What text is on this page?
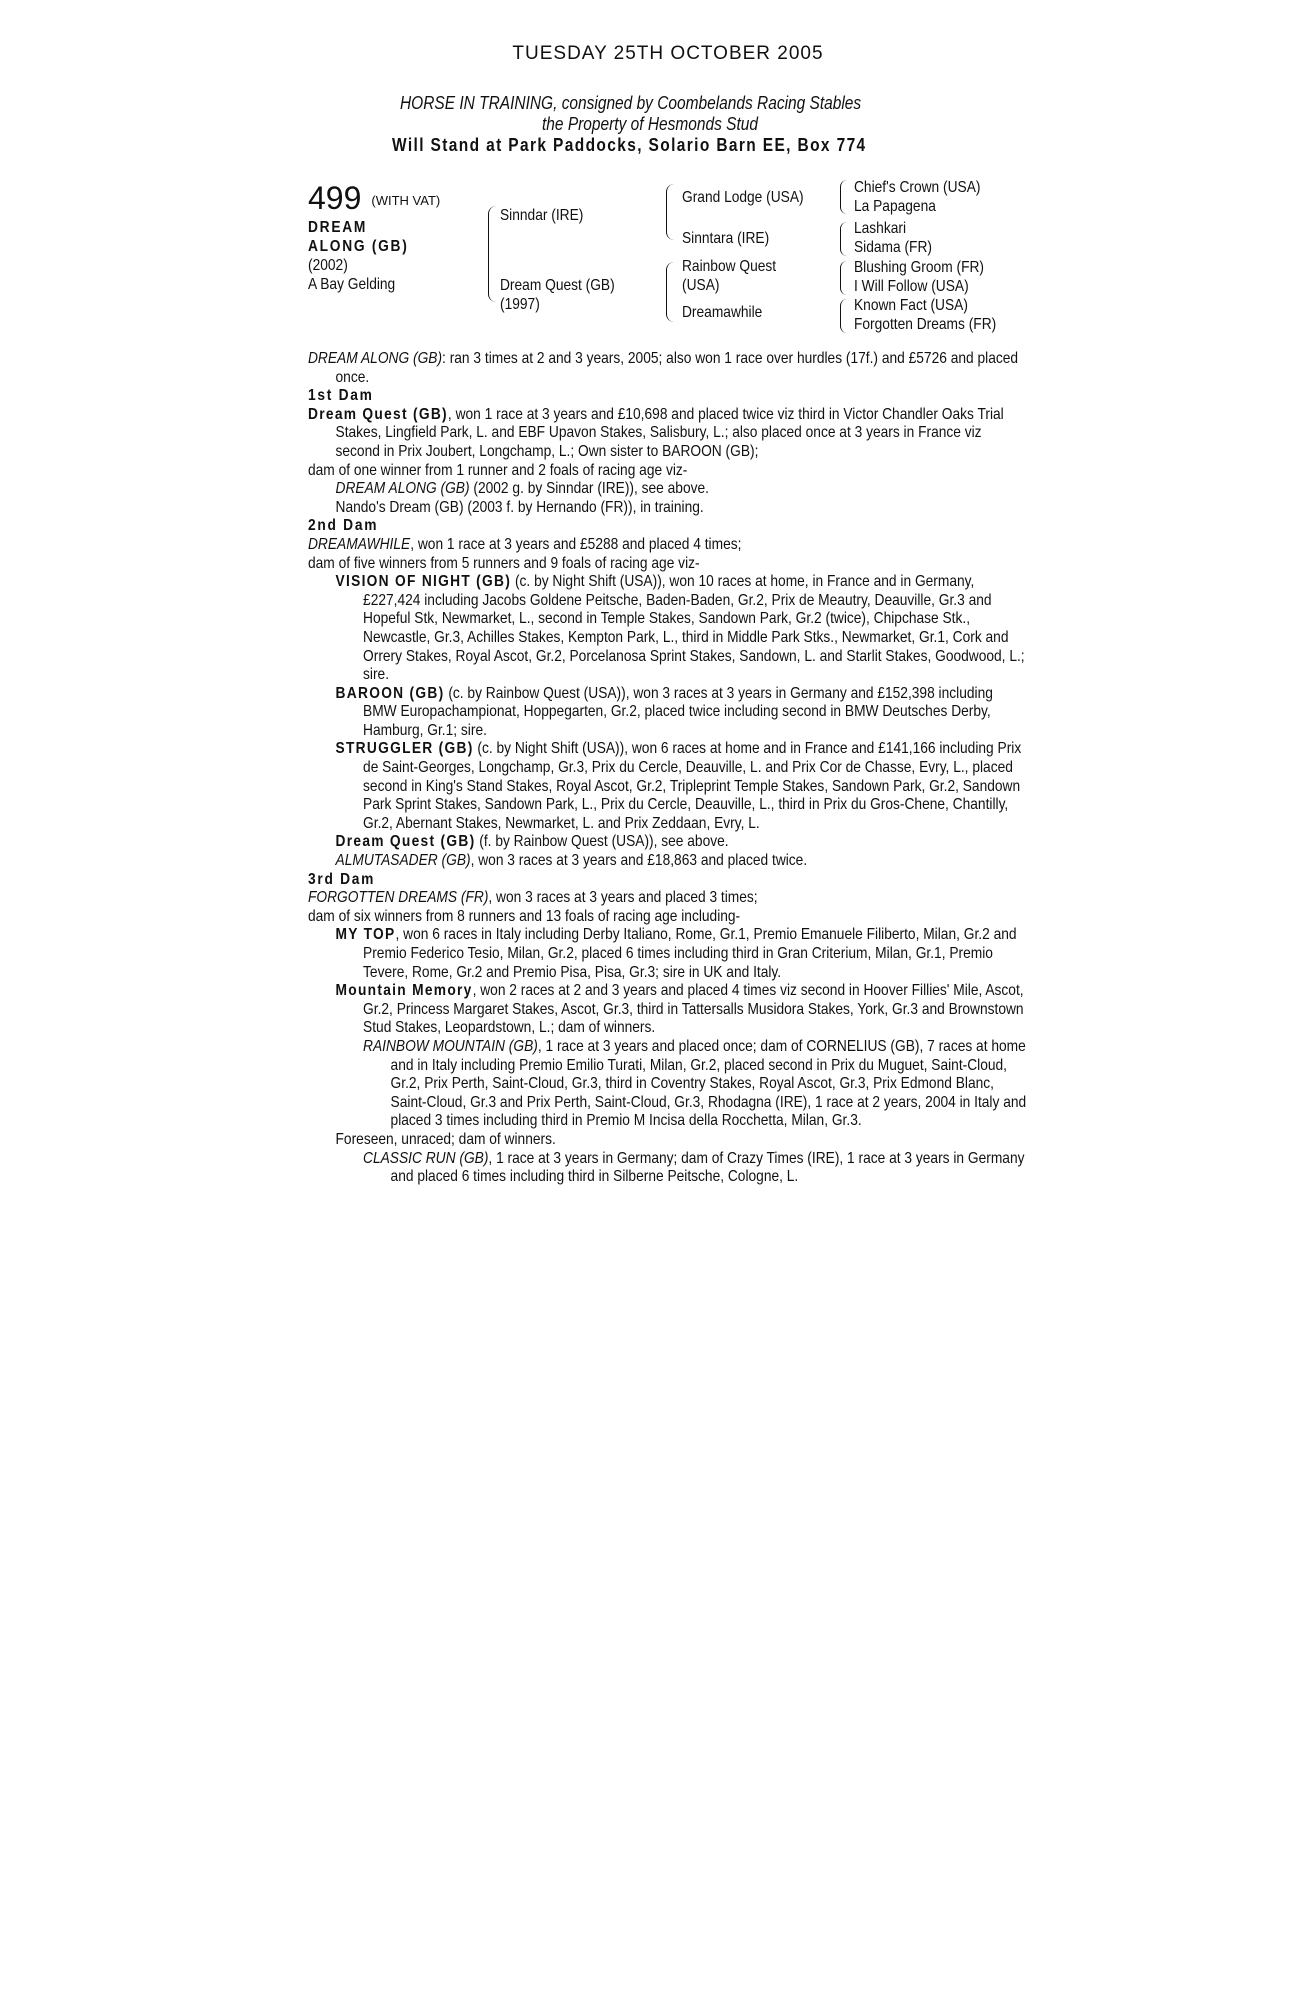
TUESDAY 25TH OCTOBER 2005
HORSE IN TRAINING, consigned by Coombelands Racing Stables
the Property of Hesmonds Stud
Will Stand at Park Paddocks, Solario Barn EE, Box 774
499 (WITH VAT)
DREAM ALONG (GB)
(2002)
A Bay Gelding
Sinndar (IRE)
Dream Quest (GB)
(1997)
Grand Lodge (USA)
Sinntara (IRE)
Rainbow Quest (USA)
Dreamawhile
Chief's Crown (USA)
La Papagena
Lashkari
Sidama (FR)
Blushing Groom (FR)
I Will Follow (USA)
Known Fact (USA)
Forgotten Dreams (FR)

DREAM ALONG (GB): ran 3 times at 2 and 3 years, 2005; also won 1 race over hurdles (17f.) and £5726 and placed once.

1st Dam

Dream Quest (GB), won 1 race at 3 years and £10,698 and placed twice viz third in Victor Chandler Oaks Trial Stakes, Lingfield Park, L. and EBF Upavon Stakes, Salisbury, L.; also placed once at 3 years in France viz second in Prix Joubert, Longchamp, L.; Own sister to BAROON (GB);

dam of one winner from 1 runner and 2 foals of racing age viz-

DREAM ALONG (GB) (2002 g. by Sinndar (IRE)), see above.

Nando's Dream (GB) (2003 f. by Hernando (FR)), in training.

2nd Dam

DREAMAWHILE, won 1 race at 3 years and £5288 and placed 4 times;

dam of five winners from 5 runners and 9 foals of racing age viz-

VISION OF NIGHT (GB) (c. by Night Shift (USA)), won 10 races at home, in France and in Germany, £227,424 including Jacobs Goldene Peitsche, Baden-Baden, Gr.2, Prix de Meautry, Deauville, Gr.3 and Hopeful Stk, Newmarket, L., second in Temple Stakes, Sandown Park, Gr.2 (twice), Chipchase Stk., Newcastle, Gr.3, Achilles Stakes, Kempton Park, L., third in Middle Park Stks., Newmarket, Gr.1, Cork and Orrery Stakes, Royal Ascot, Gr.2, Porcelanosa Sprint Stakes, Sandown, L. and Starlit Stakes, Goodwood, L.; sire.

BAROON (GB) (c. by Rainbow Quest (USA)), won 3 races at 3 years in Germany and £152,398 including BMW Europachampionat, Hoppegarten, Gr.2, placed twice including second in BMW Deutsches Derby, Hamburg, Gr.1; sire.

STRUGGLER (GB) (c. by Night Shift (USA)), won 6 races at home and in France and £141,166 including Prix de Saint-Georges, Longchamp, Gr.3, Prix du Cercle, Deauville, L. and Prix Cor de Chasse, Evry, L., placed second in King's Stand Stakes, Royal Ascot, Gr.2, Tripleprint Temple Stakes, Sandown Park, Gr.2, Sandown Park Sprint Stakes, Sandown Park, L., Prix du Cercle, Deauville, L., third in Prix du Gros-Chene, Chantilly, Gr.2, Abernant Stakes, Newmarket, L. and Prix Zeddaan, Evry, L.

Dream Quest (GB) (f. by Rainbow Quest (USA)), see above.

ALMUTASADER (GB), won 3 races at 3 years and £18,863 and placed twice.

3rd Dam

FORGOTTEN DREAMS (FR), won 3 races at 3 years and placed 3 times;

dam of six winners from 8 runners and 13 foals of racing age including-

MY TOP, won 6 races in Italy including Derby Italiano, Rome, Gr.1, Premio Emanuele Filiberto, Milan, Gr.2 and Premio Federico Tesio, Milan, Gr.2, placed 6 times including third in Gran Criterium, Milan, Gr.1, Premio Tevere, Rome, Gr.2 and Premio Pisa, Pisa, Gr.3; sire in UK and Italy.

Mountain Memory, won 2 races at 2 and 3 years and placed 4 times viz second in Hoover Fillies' Mile, Ascot, Gr.2, Princess Margaret Stakes, Ascot, Gr.3, third in Tattersalls Musidora Stakes, York, Gr.3 and Brownstown Stud Stakes, Leopardstown, L.; dam of winners.

RAINBOW MOUNTAIN (GB), 1 race at 3 years and placed once; dam of CORNELIUS (GB), 7 races at home and in Italy including Premio Emilio Turati, Milan, Gr.2, placed second in Prix du Muguet, Saint-Cloud, Gr.2, Prix Perth, Saint-Cloud, Gr.3, third in Coventry Stakes, Royal Ascot, Gr.3, Prix Edmond Blanc, Saint-Cloud, Gr.3 and Prix Perth, Saint-Cloud, Gr.3, Rhodagna (IRE), 1 race at 2 years, 2004 in Italy and placed 3 times including third in Premio M Incisa della Rocchetta, Milan, Gr.3.

Foreseen, unraced; dam of winners.

CLASSIC RUN (GB), 1 race at 3 years in Germany; dam of Crazy Times (IRE), 1 race at 3 years in Germany and placed 6 times including third in Silberne Peitsche, Cologne, L.
